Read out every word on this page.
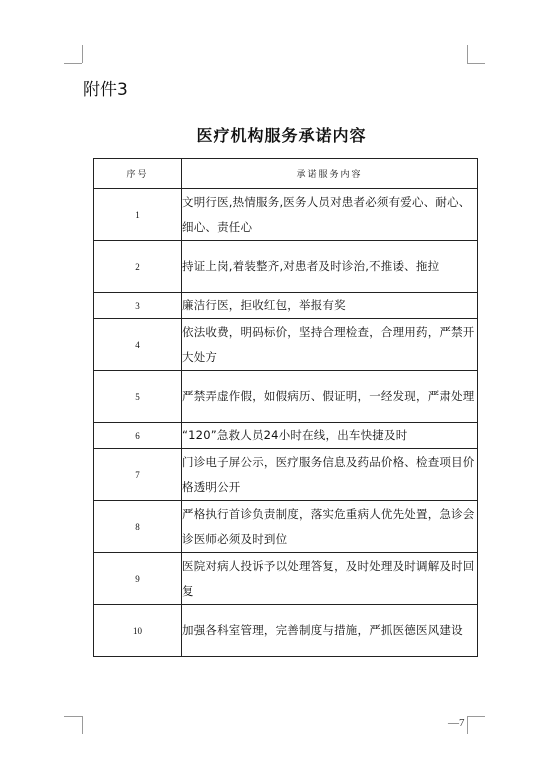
附件3
医疗机构服务承诺内容
序号	承诺服务内容
1	文明行医,热情服务,医务人员对患者必须有爱心、耐心、细心、责任心
2	持证上岗,着装整齐,对患者及时诊治,不推诿、拖拉
3	廉洁行医，拒收红包，举报有奖
4	依法收费，明码标价，坚持合理检查，合理用药，严禁开大处方
5	严禁弄虚作假，如假病历、假证明，一经发现，严肃处理
6	“120”急救人员24小时在线，出车快捷及时
7	门诊电子屏公示，医疗服务信息及药品价格、检查项目价格透明公开
8	严格执行首诊负责制度，落实危重病人优先处置，急诊会诊医师必须及时到位
9	医院对病人投诉予以处理答复，及时处理及时调解及时回复
10	加强各科室管理，完善制度与措施，严抓医德医风建设
—7
